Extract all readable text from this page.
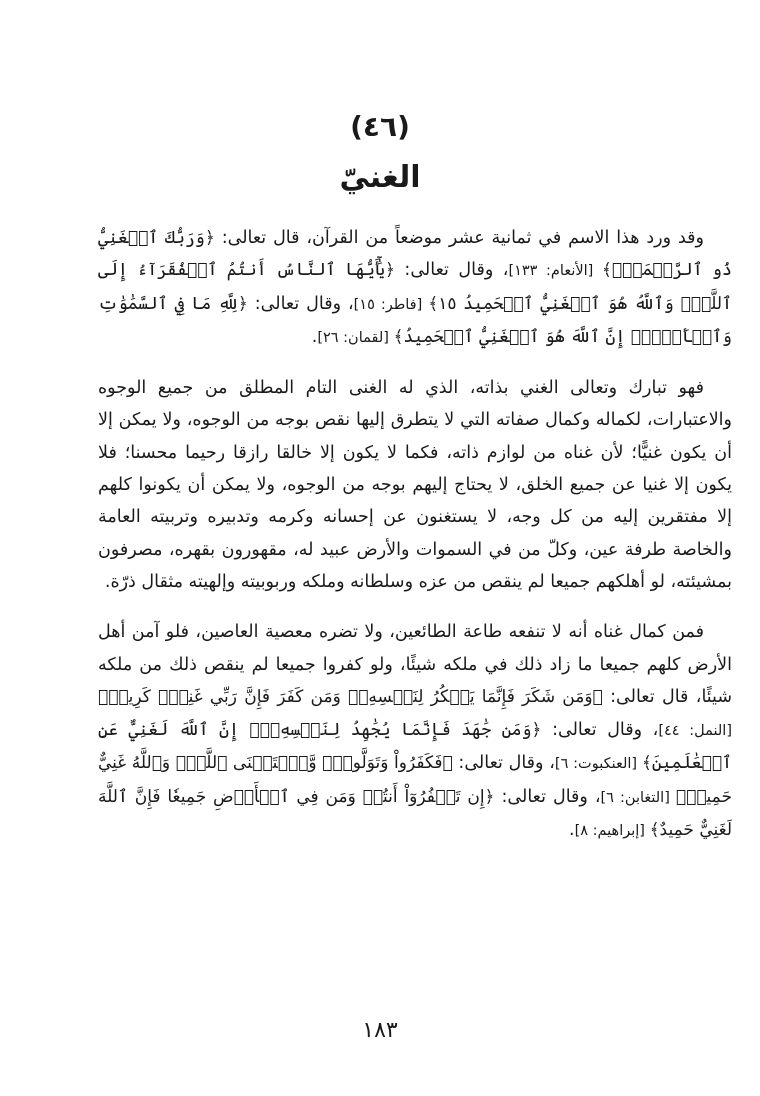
(٤٦)
الغنيّ

وقد ورد هذا الاسم في ثمانية عشر موضعاً من القرآن، قال تعالى: ﴿وَرَبُّكَ ٱلۡغَنِيُّ ذُو ٱلرَّحۡمَةِۚ﴾ [الأنعام: ١٣٣]، وقال تعالى: ﴿يَٰٓأَيُّهَا ٱلنَّاسُ أَنتُمُ ٱلۡفُقَرَآءُ إِلَى ٱللَّهِۖ وَٱللَّهُ هُوَ ٱلۡغَنِيُّ ٱلۡحَمِيدُ ١٥﴾ [فاطر: ١٥]، وقال تعالى: ﴿لِلَّهِ مَا فِي ٱلسَّمَٰوَٰتِ وَٱلۡأَرۡضِۚ إِنَّ ٱللَّهَ هُوَ ٱلۡغَنِيُّ ٱلۡحَمِيدُ﴾ [لقمان: ٢٦].

فهو تبارك وتعالى الغني بذاته، الذي له الغنى التام المطلق من جميع الوجوه والاعتبارات، لكماله وكمال صفاته التي لا يتطرق إليها نقص بوجه من الوجوه، ولا يمكن إلا أن يكون غنيًّا؛ لأن غناه من لوازم ذاته، فكما لا يكون إلا خالقا رازقا رحيما محسنا؛ فلا يكون إلا غنيا عن جميع الخلق، لا يحتاج إليهم بوجه من الوجوه، ولا يمكن أن يكونوا كلهم إلا مفتقرين إليه من كل وجه، لا يستغنون عن إحسانه وكرمه وتدبيره وتربيته العامة والخاصة طرفة عين، وكلّ من في السموات والأرض عبيد له، مقهورون بقهره، مصرفون بمشيئته، لو أهلكهم جميعا لم ينقص من عزه وسلطانه وملكه وربوبيته وإلهيته مثقال ذرّة.

فمن كمال غناه أنه لا تنفعه طاعة الطائعين، ولا تضره معصية العاصين، فلو آمن أهل الأرض كلهم جميعا ما زاد ذلك في ملكه شيئًا، ولو كفروا جميعا لم ينقص ذلك من ملكه شيئًا، قال تعالى: ﴿وَمَن شَكَرَ فَإِنَّمَا يَشۡكُرُ لِنَفۡسِهِۦۖ وَمَن كَفَرَ فَإِنَّ رَبِّي غَنِيّٞ كَرِيمٞ﴾ [النمل: ٤٤]، وقال تعالى: ﴿وَمَن جَٰهَدَ فَإِنَّمَا يُجَٰهِدُ لِنَفۡسِهِۦٓۚ إِنَّ ٱللَّهَ لَغَنِيٌّ عَنِ ٱلۡعَٰلَمِينَ﴾ [العنكبوت: ٦]، وقال تعالى: ﴿فَكَفَرُواْ وَتَوَلَّواْۖ وَّٱسۡتَغۡنَى ٱللَّهُۚ وَٱللَّهُ غَنِيٌّ حَمِيدٞ﴾ [التغابن: ٦]، وقال تعالى: ﴿إِن تَكۡفُرُوٓاْ أَنتُمۡ وَمَن فِي ٱلۡأَرۡضِ جَمِيعٗا فَإِنَّ ٱللَّهَ لَغَنِيٌّ حَمِيدٌ﴾ [إبراهيم: ٨].

١٨٣
